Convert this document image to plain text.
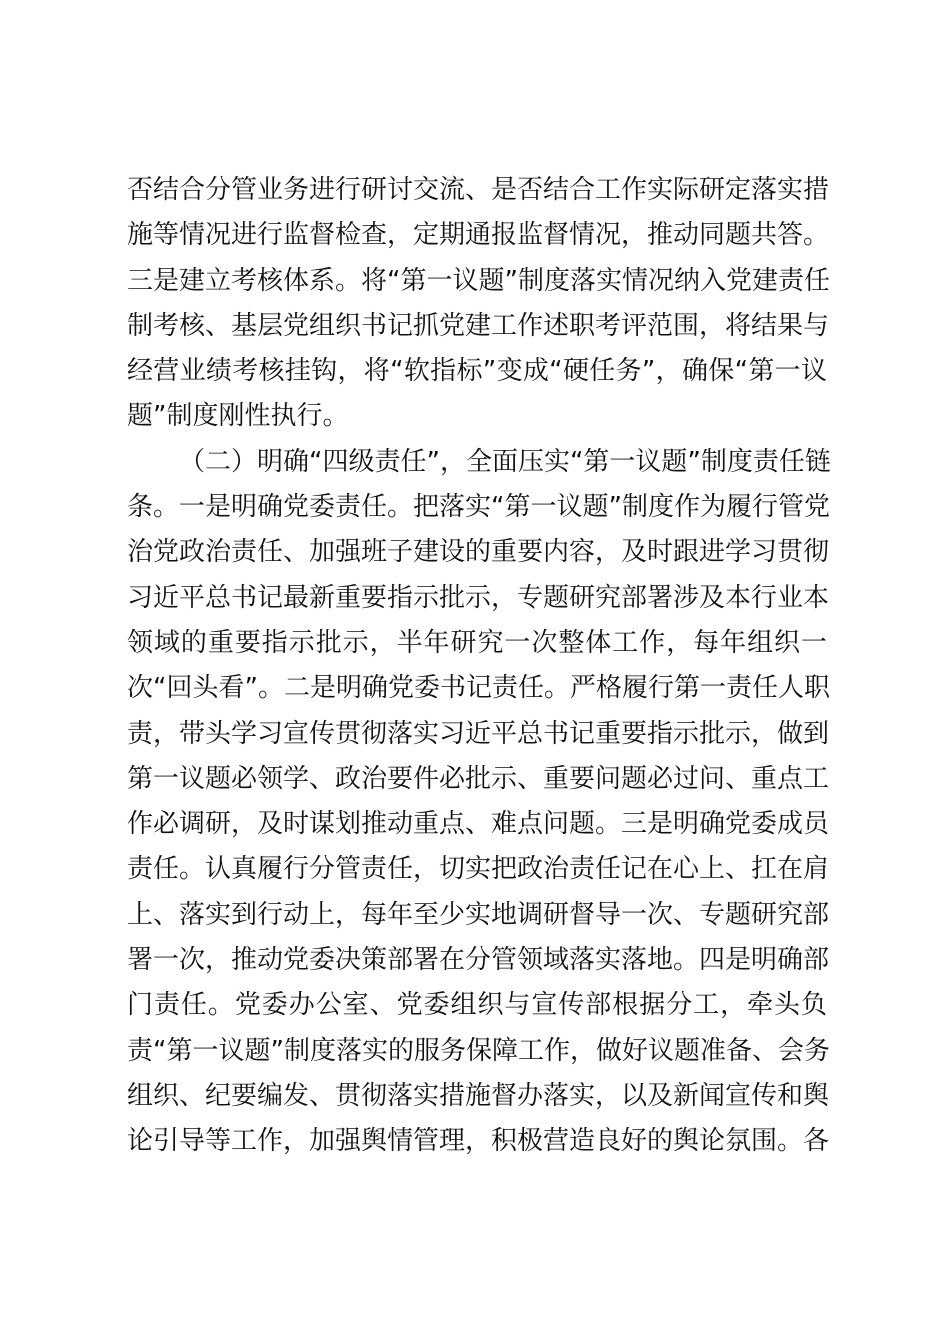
否结合分管业务进行研讨交流、是否结合工作实际研定落实措
施等情况进行监督检查，定期通报监督情况，推动同题共答。
三是建立考核体系。将“第一议题”制度落实情况纳入党建责任
制考核、基层党组织书记抓党建工作述职考评范围，将结果与
经营业绩考核挂钩，将“软指标”变成“硬任务”，确保“第一议
题”制度刚性执行。
（二）明确“四级责任”，全面压实“第一议题”制度责任链
条。一是明确党委责任。把落实“第一议题”制度作为履行管党
治党政治责任、加强班子建设的重要内容，及时跟进学习贯彻
习近平总书记最新重要指示批示，专题研究部署涉及本行业本
领域的重要指示批示，半年研究一次整体工作，每年组织一
次“回头看”。二是明确党委书记责任。严格履行第一责任人职
责，带头学习宣传贯彻落实习近平总书记重要指示批示，做到
第一议题必领学、政治要件必批示、重要问题必过问、重点工
作必调研，及时谋划推动重点、难点问题。三是明确党委成员
责任。认真履行分管责任，切实把政治责任记在心上、扛在肩
上、落实到行动上，每年至少实地调研督导一次、专题研究部
署一次，推动党委决策部署在分管领域落实落地。四是明确部
门责任。党委办公室、党委组织与宣传部根据分工，牵头负
责“第一议题”制度落实的服务保障工作，做好议题准备、会务
组织、纪要编发、贯彻落实措施督办落实，以及新闻宣传和舆
论引导等工作，加强舆情管理，积极营造良好的舆论氛围。各
